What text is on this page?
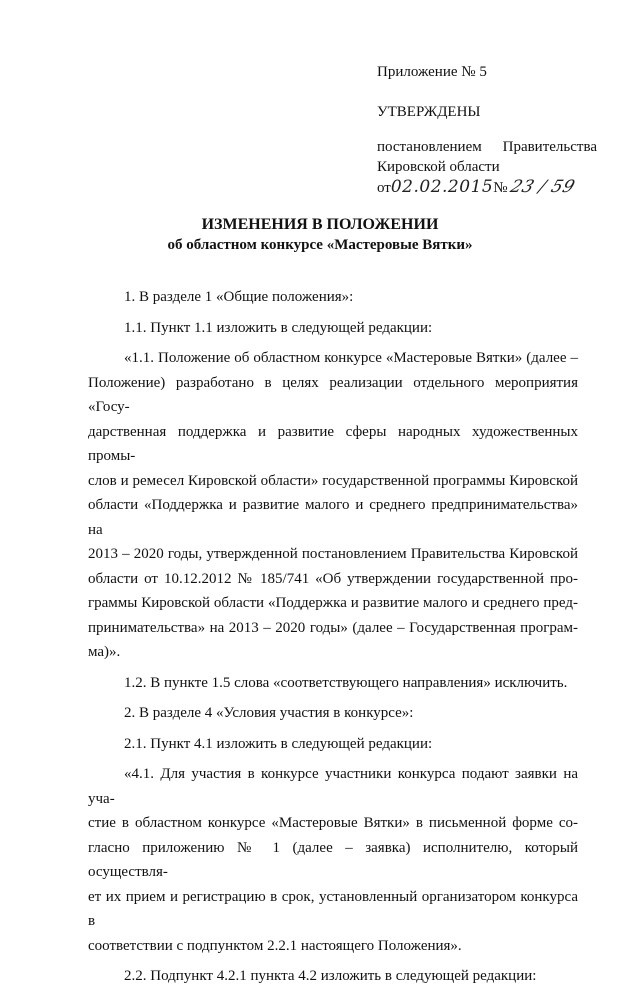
Приложение № 5
УТВЕРЖДЕНЫ
постановлением Правительства
Кировской области
от02.02.2015№ 23 / 59
ИЗМЕНЕНИЯ В ПОЛОЖЕНИИ
об областном конкурсе «Мастеровые Вятки»

1. В разделе 1 «Общие положения»:

1.1. Пункт 1.1 изложить в следующей редакции:

«1.1. Положение об областном конкурсе «Мастеровые Вятки» (далее –
Положение) разработано в целях реализации отдельного мероприятия «Госу-
дарственная поддержка и развитие сферы народных художественных промы-
слов и ремесел Кировской области» государственной программы Кировской
области «Поддержка и развитие малого и среднего предпринимательства» на
2013 – 2020 годы, утвержденной постановлением Правительства Кировской
области от 10.12.2012 № 185/741 «Об утверждении государственной про-
граммы Кировской области «Поддержка и развитие малого и среднего пред-
принимательства» на 2013 – 2020 годы» (далее – Государственная програм-
ма)».

1.2. В пункте 1.5 слова «соответствующего направления» исключить.

2. В разделе 4 «Условия участия в конкурсе»:

2.1. Пункт 4.1 изложить в следующей редакции:

«4.1. Для участия в конкурсе участники конкурса подают заявки на уча-
стие в областном конкурсе «Мастеровые Вятки» в письменной форме со-
гласно приложению № 1 (далее – заявка) исполнителю, который осуществля-
ет их прием и регистрацию в срок, установленный организатором конкурса в
соответствии с подпунктом 2.2.1 настоящего Положения».

2.2. Подпункт 4.2.1 пункта 4.2 изложить в следующей редакции:
